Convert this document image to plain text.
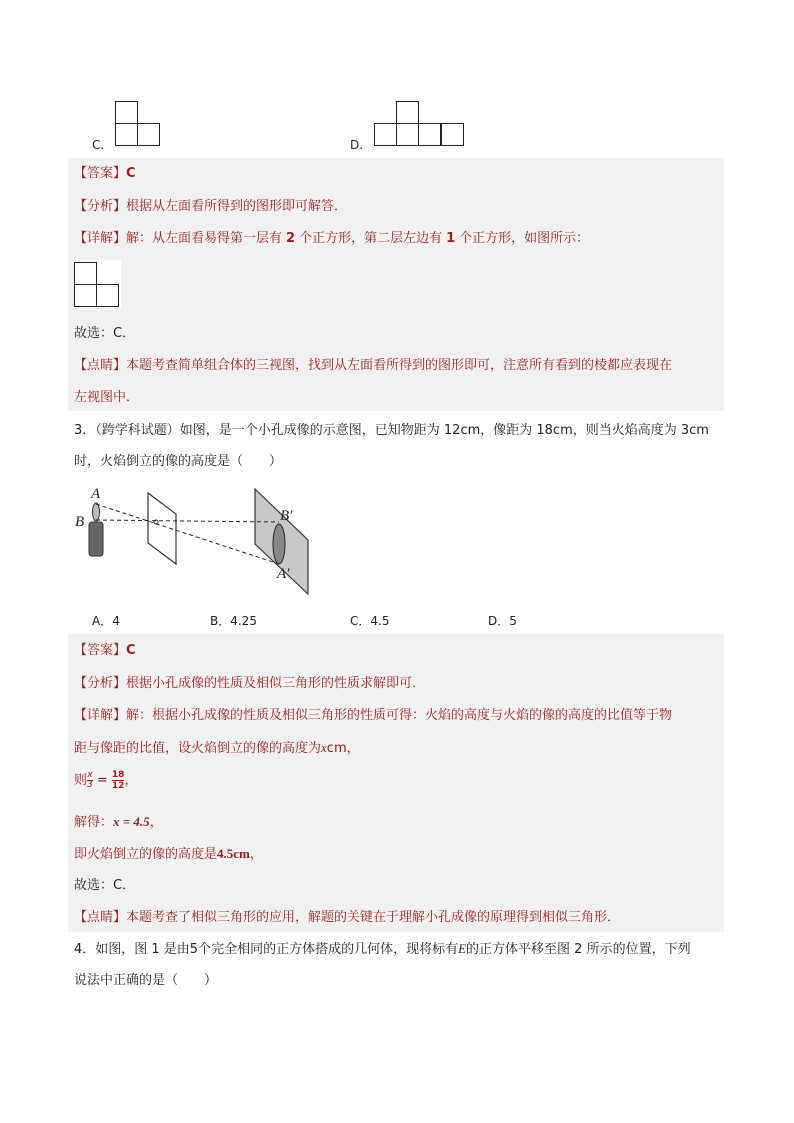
C.	D.
【答案】C
【分析】根据从左面看所得到的图形即可解答．
【详解】解：从左面看易得第一层有 2 个正方形，第二层左边有 1 个正方形，如图所示：
故选：C．
【点睛】本题考查简单组合体的三视图，找到从左面看所得到的图形即可，注意所有看到的棱都应表现在
左视图中．
3．（跨学科试题）如图，是一个小孔成像的示意图，已知物距为 12cm，像距为 18cm，则当火焰高度为 3cm
时，火焰倒立的像的高度是（　　）
A
B	B′
A′
A．4	B．4.25	C．4.5	D．5
【答案】C
【分析】根据小孔成像的性质及相似三角形的性质求解即可．
【详解】解：根据小孔成像的性质及相似三角形的性质可得：火焰的高度与火焰的像的高度的比值等于物
距与像距的比值，设火焰倒立的像的高度为xcm，
则 $\frac{x}{3} = \frac{18}{12}$ ，
解得：x = 4.5，
即火焰倒立的像的高度是4.5cm，
故选：C．
【点睛】本题考查了相似三角形的应用，解题的关键在于理解小孔成像的原理得到相似三角形．
4．如图，图 1 是由5个完全相同的正方体搭成的几何体，现将标有E的正方体平移至图 2 所示的位置，下列
说法中正确的是（　　）
